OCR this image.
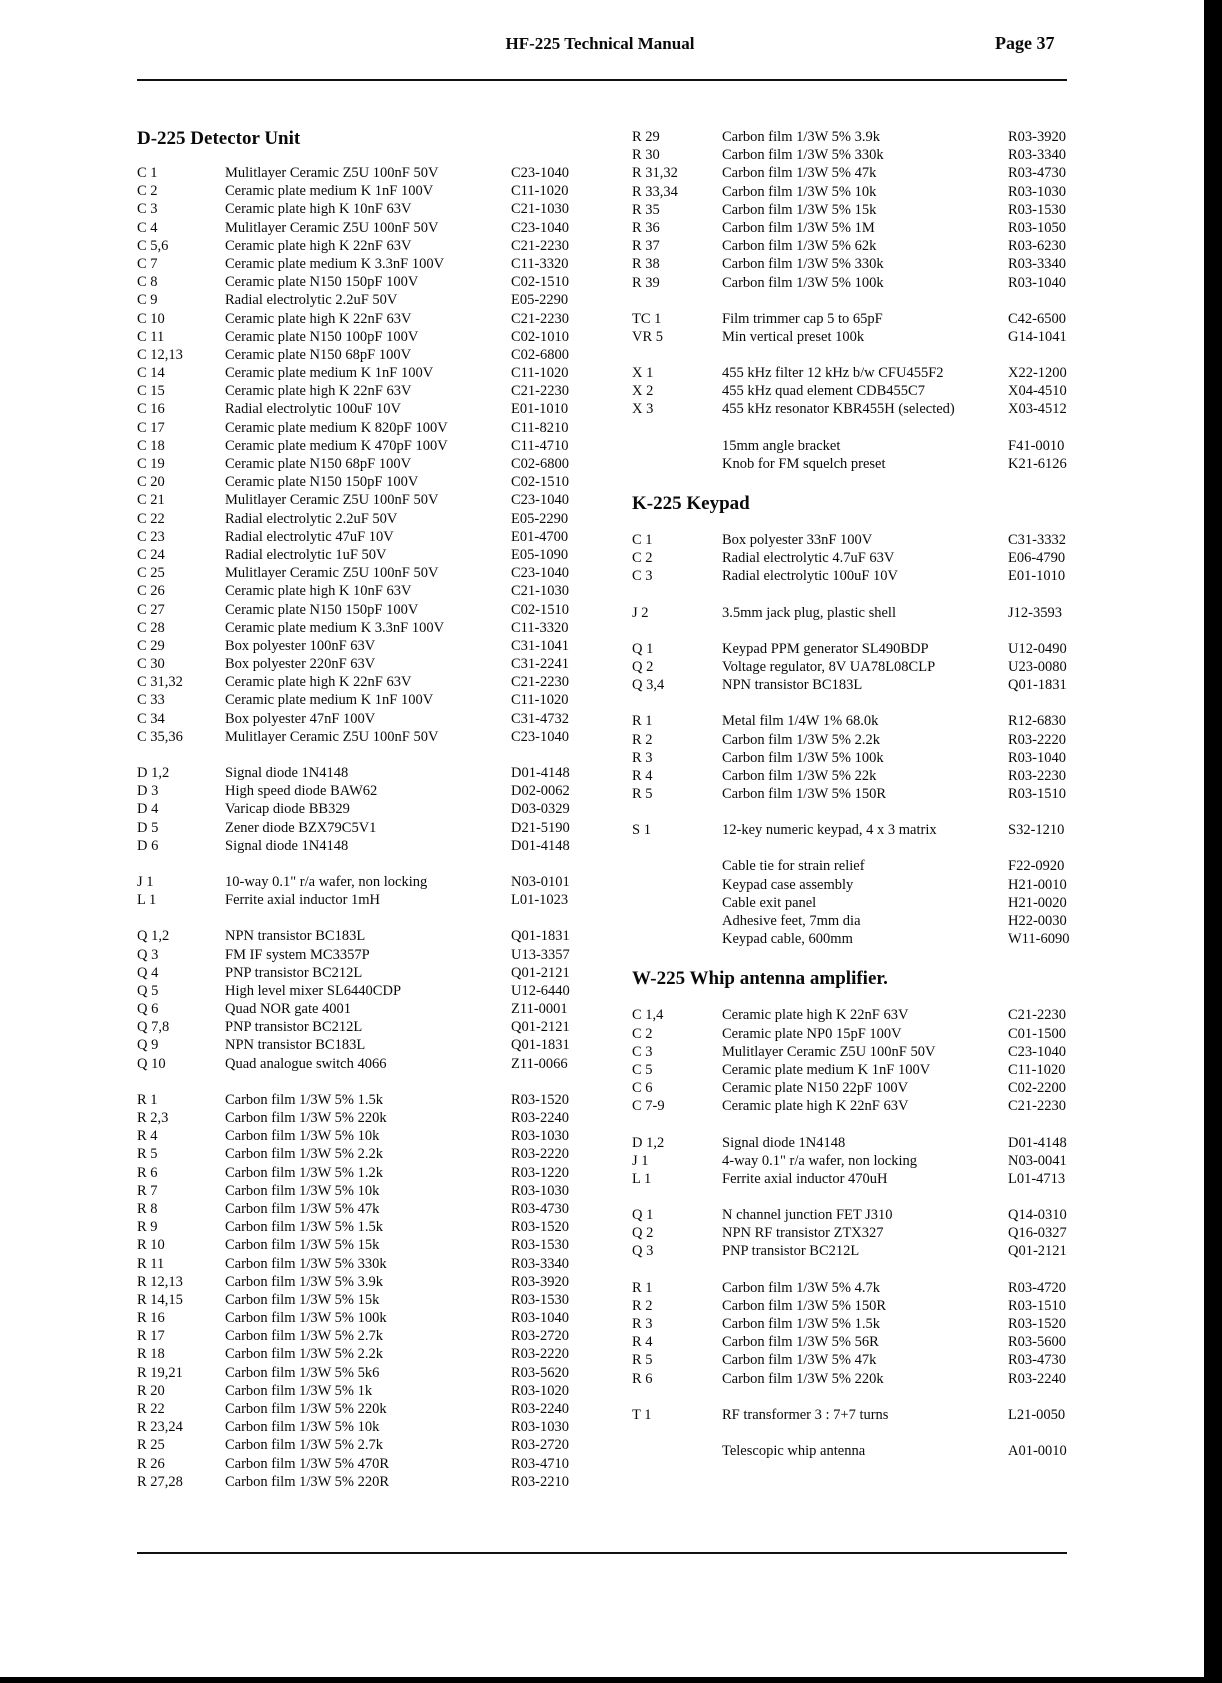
HF-225 Technical Manual	Page 37
D-225 Detector Unit
C 1	Mulitlayer Ceramic Z5U 100nF 50V	C23-1040
C 2	Ceramic plate medium K 1nF 100V	C11-1020
C 3	Ceramic plate high K 10nF 63V	C21-1030
C 4	Mulitlayer Ceramic Z5U 100nF 50V	C23-1040
C 5,6	Ceramic plate high K 22nF 63V	C21-2230
C 7	Ceramic plate medium K 3.3nF 100V	C11-3320
C 8	Ceramic plate N150 150pF 100V	C02-1510
C 9	Radial electrolytic 2.2uF 50V	E05-2290
C 10	Ceramic plate high K 22nF 63V	C21-2230
C 11	Ceramic plate N150 100pF 100V	C02-1010
C 12,13	Ceramic plate N150 68pF 100V	C02-6800
C 14	Ceramic plate medium K 1nF 100V	C11-1020
C 15	Ceramic plate high K 22nF 63V	C21-2230
C 16	Radial electrolytic 100uF 10V	E01-1010
C 17	Ceramic plate medium K 820pF 100V	C11-8210
C 18	Ceramic plate medium K 470pF 100V	C11-4710
C 19	Ceramic plate N150 68pF 100V	C02-6800
C 20	Ceramic plate N150 150pF 100V	C02-1510
C 21	Mulitlayer Ceramic Z5U 100nF 50V	C23-1040
C 22	Radial electrolytic 2.2uF 50V	E05-2290
C 23	Radial electrolytic 47uF 10V	E01-4700
C 24	Radial electrolytic 1uF 50V	E05-1090
C 25	Mulitlayer Ceramic Z5U 100nF 50V	C23-1040
C 26	Ceramic plate high K 10nF 63V	C21-1030
C 27	Ceramic plate N150 150pF 100V	C02-1510
C 28	Ceramic plate medium K 3.3nF 100V	C11-3320
C 29	Box polyester 100nF 63V	C31-1041
C 30	Box polyester 220nF 63V	C31-2241
C 31,32	Ceramic plate high K 22nF 63V	C21-2230
C 33	Ceramic plate medium K 1nF 100V	C11-1020
C 34	Box polyester 47nF 100V	C31-4732
C 35,36	Mulitlayer Ceramic Z5U 100nF 50V	C23-1040
D 1,2	Signal diode 1N4148	D01-4148
D 3	High speed diode BAW62	D02-0062
D 4	Varicap diode BB329	D03-0329
D 5	Zener diode BZX79C5V1	D21-5190
D 6	Signal diode 1N4148	D01-4148
J 1	10-way 0.1" r/a wafer, non locking	N03-0101
L 1	Ferrite axial inductor 1mH	L01-1023
Q 1,2	NPN transistor BC183L	Q01-1831
Q 3	FM IF system MC3357P	U13-3357
Q 4	PNP transistor BC212L	Q01-2121
Q 5	High level mixer SL6440CDP	U12-6440
Q 6	Quad NOR gate 4001	Z11-0001
Q 7,8	PNP transistor BC212L	Q01-2121
Q 9	NPN transistor BC183L	Q01-1831
Q 10	Quad analogue switch 4066	Z11-0066
R 1	Carbon film 1/3W 5% 1.5k	R03-1520
R 2,3	Carbon film 1/3W 5% 220k	R03-2240
R 4	Carbon film 1/3W 5% 10k	R03-1030
R 5	Carbon film 1/3W 5% 2.2k	R03-2220
R 6	Carbon film 1/3W 5% 1.2k	R03-1220
R 7	Carbon film 1/3W 5% 10k	R03-1030
R 8	Carbon film 1/3W 5% 47k	R03-4730
R 9	Carbon film 1/3W 5% 1.5k	R03-1520
R 10	Carbon film 1/3W 5% 15k	R03-1530
R 11	Carbon film 1/3W 5% 330k	R03-3340
R 12,13	Carbon film 1/3W 5% 3.9k	R03-3920
R 14,15	Carbon film 1/3W 5% 15k	R03-1530
R 16	Carbon film 1/3W 5% 100k	R03-1040
R 17	Carbon film 1/3W 5% 2.7k	R03-2720
R 18	Carbon film 1/3W 5% 2.2k	R03-2220
R 19,21	Carbon film 1/3W 5% 5k6	R03-5620
R 20	Carbon film 1/3W 5% 1k	R03-1020
R 22	Carbon film 1/3W 5% 220k	R03-2240
R 23,24	Carbon film 1/3W 5% 10k	R03-1030
R 25	Carbon film 1/3W 5% 2.7k	R03-2720
R 26	Carbon film 1/3W 5% 470R	R03-4710
R 27,28	Carbon film 1/3W 5% 220R	R03-2210
R 29	Carbon film 1/3W 5% 3.9k	R03-3920
R 30	Carbon film 1/3W 5% 330k	R03-3340
R 31,32	Carbon film 1/3W 5% 47k	R03-4730
R 33,34	Carbon film 1/3W 5% 10k	R03-1030
R 35	Carbon film 1/3W 5% 15k	R03-1530
R 36	Carbon film 1/3W 5% 1M	R03-1050
R 37	Carbon film 1/3W 5% 62k	R03-6230
R 38	Carbon film 1/3W 5% 330k	R03-3340
R 39	Carbon film 1/3W 5% 100k	R03-1040
TC 1	Film trimmer cap 5 to 65pF	C42-6500
VR 5	Min vertical preset 100k	G14-1041
X 1	455 kHz filter 12 kHz b/w CFU455F2	X22-1200
X 2	455 kHz quad element CDB455C7	X04-4510
X 3	455 kHz resonator KBR455H (selected)	X03-4512
15mm angle bracket	F41-0010
Knob for FM squelch preset	K21-6126
K-225 Keypad
C 1	Box polyester 33nF 100V	C31-3332
C 2	Radial electrolytic 4.7uF 63V	E06-4790
C 3	Radial electrolytic 100uF 10V	E01-1010
J 2	3.5mm jack plug, plastic shell	J12-3593
Q 1	Keypad PPM generator SL490BDP	U12-0490
Q 2	Voltage regulator, 8V UA78L08CLP	U23-0080
Q 3,4	NPN transistor BC183L	Q01-1831
R 1	Metal film 1/4W 1% 68.0k	R12-6830
R 2	Carbon film 1/3W 5% 2.2k	R03-2220
R 3	Carbon film 1/3W 5% 100k	R03-1040
R 4	Carbon film 1/3W 5% 22k	R03-2230
R 5	Carbon film 1/3W 5% 150R	R03-1510
S 1	12-key numeric keypad, 4 x 3 matrix	S32-1210
Cable tie for strain relief	F22-0920
Keypad case assembly	H21-0010
Cable exit panel	H21-0020
Adhesive feet, 7mm dia	H22-0030
Keypad cable, 600mm	W11-6090
W-225 Whip antenna amplifier.
C 1,4	Ceramic plate high K 22nF 63V	C21-2230
C 2	Ceramic plate NP0 15pF 100V	C01-1500
C 3	Mulitlayer Ceramic Z5U 100nF 50V	C23-1040
C 5	Ceramic plate medium K 1nF 100V	C11-1020
C 6	Ceramic plate N150 22pF 100V	C02-2200
C 7-9	Ceramic plate high K 22nF 63V	C21-2230
D 1,2	Signal diode 1N4148	D01-4148
J 1	4-way 0.1" r/a wafer, non locking	N03-0041
L 1	Ferrite axial inductor 470uH	L01-4713
Q 1	N channel junction FET J310	Q14-0310
Q 2	NPN RF transistor ZTX327	Q16-0327
Q 3	PNP transistor BC212L	Q01-2121
R 1	Carbon film 1/3W 5% 4.7k	R03-4720
R 2	Carbon film 1/3W 5% 150R	R03-1510
R 3	Carbon film 1/3W 5% 1.5k	R03-1520
R 4	Carbon film 1/3W 5% 56R	R03-5600
R 5	Carbon film 1/3W 5% 47k	R03-4730
R 6	Carbon film 1/3W 5% 220k	R03-2240
T 1	RF transformer 3 : 7+7 turns	L21-0050
Telescopic whip antenna	A01-0010
